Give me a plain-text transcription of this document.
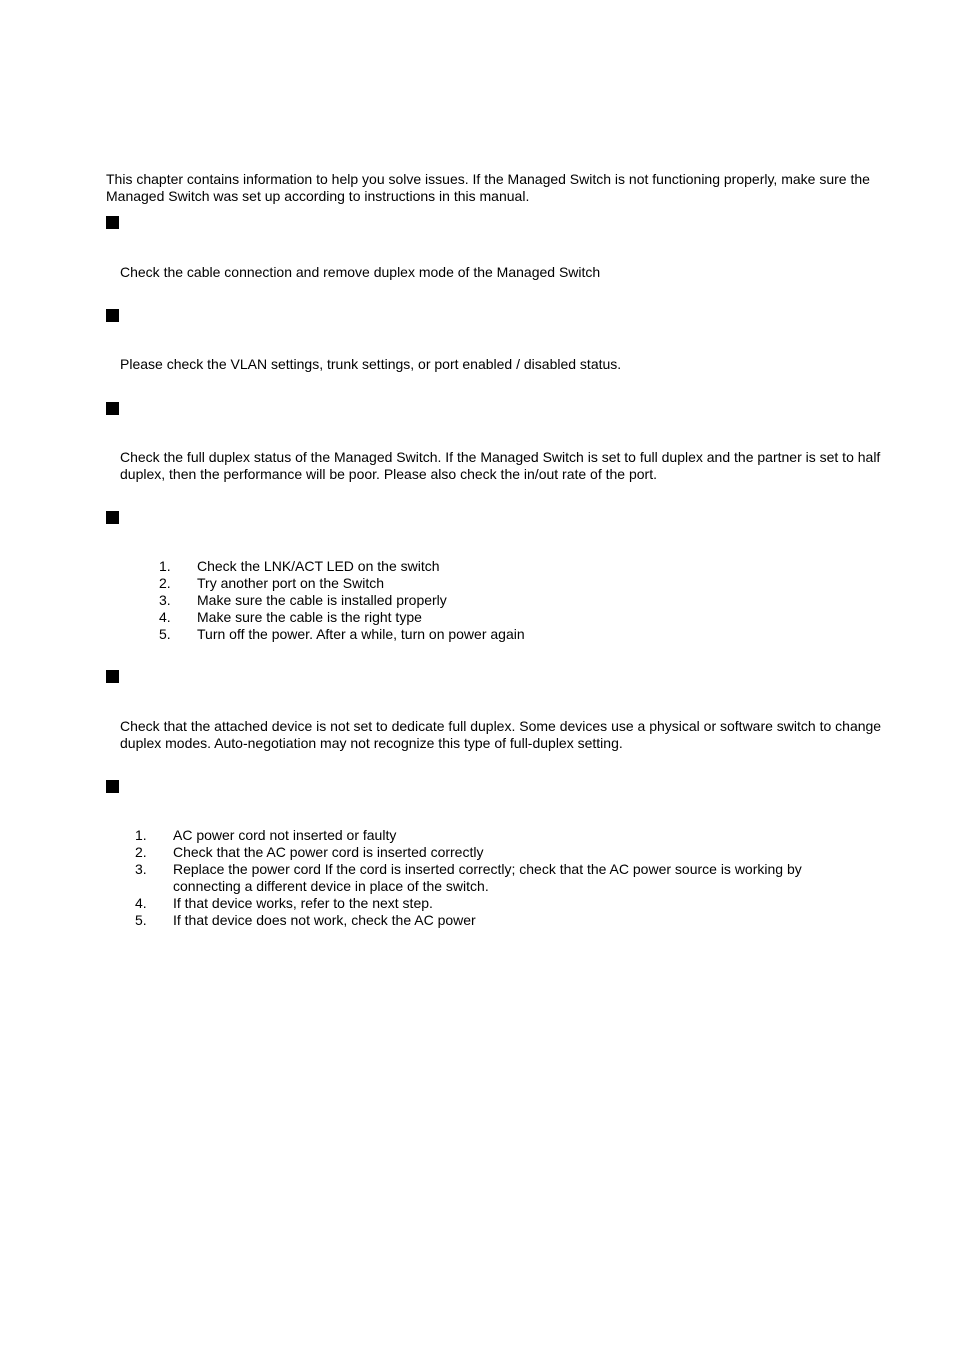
This chapter contains information to help you solve issues. If the Managed Switch is not functioning properly, make sure the Managed Switch was set up according to instructions in this manual.

Check the cable connection and remove duplex mode of the Managed Switch

Please check the VLAN settings, trunk settings, or port enabled / disabled status.

Check the full duplex status of the Managed Switch. If the Managed Switch is set to full duplex and the partner is set to half duplex, then the performance will be poor. Please also check the in/out rate of the port.

1.	Check the LNK/ACT LED on the switch
2.	Try another port on the Switch
3.	Make sure the cable is installed properly
4.	Make sure the cable is the right type
5.	Turn off the power. After a while, turn on power again

Check that the attached device is not set to dedicate full duplex. Some devices use a physical or software switch to change duplex modes. Auto-negotiation may not recognize this type of full-duplex setting.

1.	AC power cord not inserted or faulty
2.	Check that the AC power cord is inserted correctly
3.	Replace the power cord If the cord is inserted correctly; check that the AC power source is working by connecting a different device in place of the switch.
4.	If that device works, refer to the next step.
5.	If that device does not work, check the AC power
